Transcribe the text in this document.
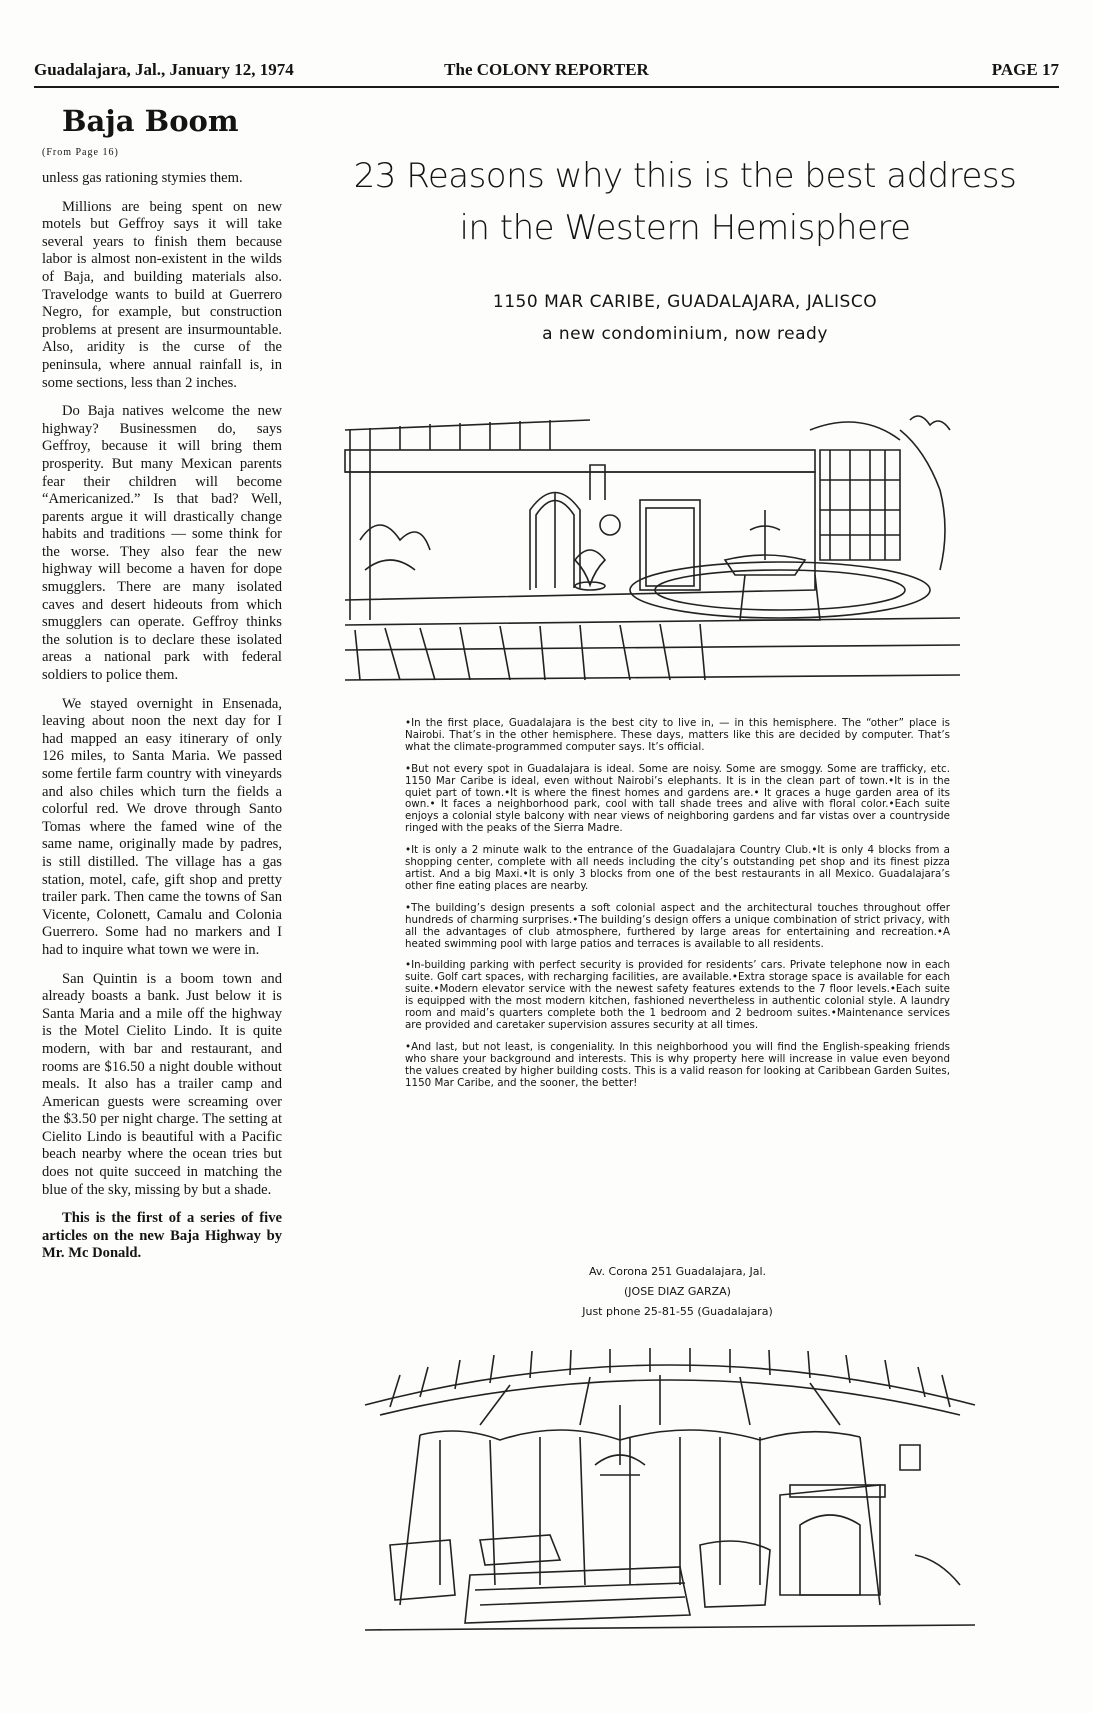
Guadalajara, Jal., January 12, 1974	The COLONY REPORTER	PAGE 17
Baja Boom

(From Page 16)

unless gas rationing stymies them.

Millions are being spent on new motels but Geffroy says it will take several years to finish them because labor is almost non-existent in the wilds of Baja, and building materials also. Travelodge wants to build at Guerrero Negro, for example, but construction problems at present are insurmountable. Also, aridity is the curse of the peninsula, where annual rainfall is, in some sections, less than 2 inches.

Do Baja natives welcome the new highway? Businessmen do, says Geffroy, because it will bring them prosperity. But many Mexican parents fear their children will become “Americanized.” Is that bad? Well, parents argue it will drastically change habits and traditions — some think for the worse. They also fear the new highway will become a haven for dope smugglers. There are many isolated caves and desert hideouts from which smugglers can operate. Geffroy thinks the solution is to declare these isolated areas a national park with federal soldiers to police them.

We stayed overnight in Ensenada, leaving about noon the next day for I had mapped an easy itinerary of only 126 miles, to Santa Maria. We passed some fertile farm country with vineyards and also chiles which turn the fields a colorful red. We drove through Santo Tomas where the famed wine of the same name, originally made by padres, is still distilled. The village has a gas station, motel, cafe, gift shop and pretty trailer park. Then came the towns of San Vicente, Colonett, Camalu and Colonia Guerrero. Some had no markers and I had to inquire what town we were in.

San Quintin is a boom town and already boasts a bank. Just below it is Santa Maria and a mile off the highway is the Motel Cielito Lindo. It is quite modern, with bar and restaurant, and rooms are $16.50 a night double without meals. It also has a trailer camp and American guests were screaming over the $3.50 per night charge. The setting at Cielito Lindo is beautiful with a Pacific beach nearby where the ocean tries but does not quite succeed in matching the blue of the sky, missing by but a shade.

This is the first of a series of five articles on the new Baja Highway by Mr. Mc Donald.

23 Reasons why this is the best address

in the Western Hemisphere

1150 MAR CARIBE, GUADALAJARA, JALISCO

a new condominium, now ready

•In the first place, Guadalajara is the best city to live in, — in this hemisphere. The “other” place is Nairobi. That’s in the other hemisphere. These days, matters like this are decided by computer. That’s what the climate-programmed computer says. It’s official.

•But not every spot in Guadalajara is ideal. Some are noisy. Some are smoggy. Some are trafficky, etc. 1150 Mar Caribe is ideal, even without Nairobi’s elephants. It is in the clean part of town.•It is in the quiet part of town.•It is where the finest homes and gardens are.• It graces a huge garden area of its own.• It faces a neighborhood park, cool with tall shade trees and alive with floral color.•Each suite enjoys a colonial style balcony with near views of neighboring gardens and far vistas over a countryside ringed with the peaks of the Sierra Madre.

•It is only a 2 minute walk to the entrance of the Guadalajara Country Club.•It is only 4 blocks from a shopping center, complete with all needs including the city’s outstanding pet shop and its finest pizza artist. And a big Maxi.•It is only 3 blocks from one of the best restaurants in all Mexico. Guadalajara’s other fine eating places are nearby.

•The building’s design presents a soft colonial aspect and the architectural touches throughout offer hundreds of charming surprises.•The building’s design offers a unique combination of strict privacy, with all the advantages of club atmosphere, furthered by large areas for entertaining and recreation.•A heated swimming pool with large patios and terraces is available to all residents.

•In-building parking with perfect security is provided for residents’ cars. Private telephone now in each suite. Golf cart spaces, with recharging facilities, are available.•Extra storage space is available for each suite.•Modern elevator service with the newest safety features extends to the 7 floor levels.•Each suite is equipped with the most modern kitchen, fashioned nevertheless in authentic colonial style. A laundry room and maid’s quarters complete both the 1 bedroom and 2 bedroom suites.•Maintenance services are provided and caretaker supervision assures security at all times.

•And last, but not least, is congeniality. In this neighborhood you will find the English-speaking friends who share your background and interests. This is why property here will increase in value even beyond the values created by higher building costs. This is a valid reason for looking at Caribbean Garden Suites, 1150 Mar Caribe, and the sooner, the better!

Av. Corona 251 Guadalajara, Jal.
(JOSE DIAZ GARZA)
Just phone 25-81-55 (Guadalajara)
